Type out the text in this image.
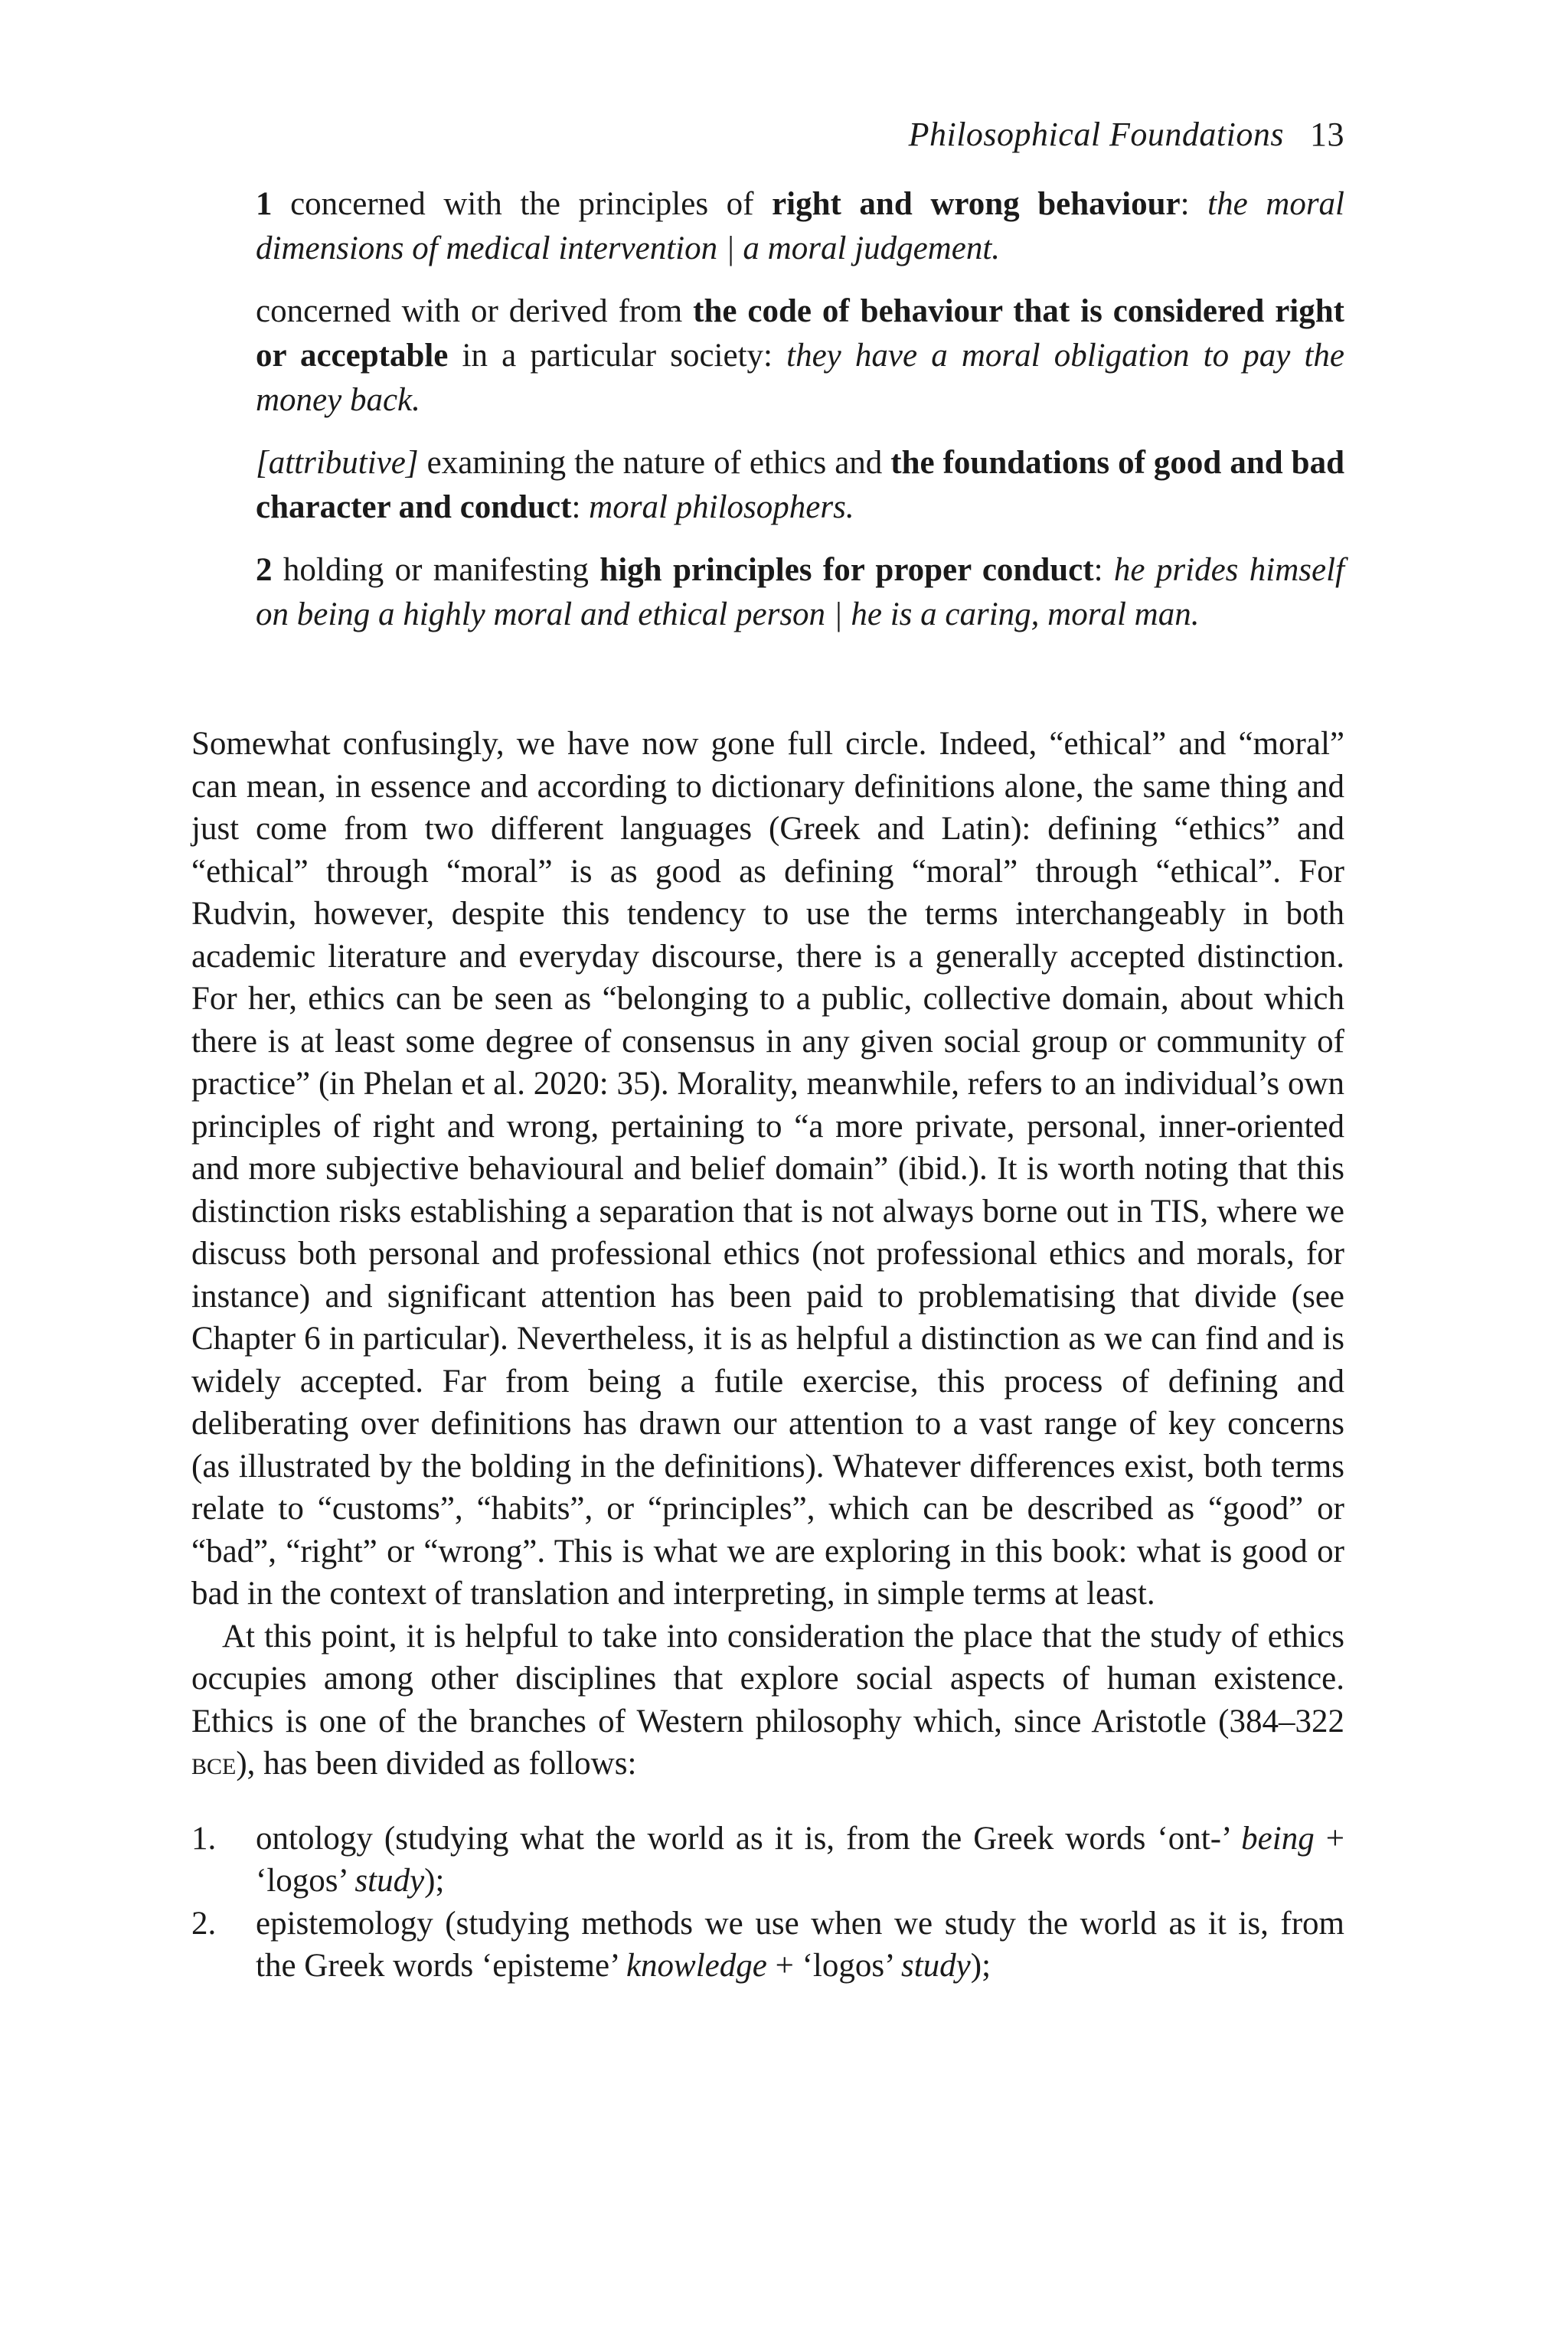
Philosophical Foundations 13

1 concerned with the principles of right and wrong behaviour: the moral dimensions of medical intervention | a moral judgement.

concerned with or derived from the code of behaviour that is considered right or acceptable in a particular society: they have a moral obligation to pay the money back.

[attributive] examining the nature of ethics and the foundations of good and bad character and conduct: moral philosophers.

2 holding or manifesting high principles for proper conduct: he prides himself on being a highly moral and ethical person | he is a caring, moral man.

Somewhat confusingly, we have now gone full circle. Indeed, “ethical” and “moral” can mean, in essence and according to dictionary definitions alone, the same thing and just come from two different languages (Greek and Latin): defining “ethics” and “ethical” through “moral” is as good as defining “moral” through “ethical”. For Rudvin, however, despite this tendency to use the terms interchangeably in both academic literature and everyday discourse, there is a generally accepted distinction. For her, ethics can be seen as “belonging to a public, collective domain, about which there is at least some degree of consensus in any given social group or community of practice” (in Phelan et al. 2020: 35). Morality, meanwhile, refers to an individual’s own principles of right and wrong, pertaining to “a more private, personal, inner-oriented and more subjective behavioural and belief domain” (ibid.). It is worth noting that this distinction risks establishing a separation that is not always borne out in TIS, where we discuss both personal and professional ethics (not professional ethics and morals, for instance) and significant attention has been paid to problematising that divide (see Chapter 6 in particular). Nevertheless, it is as helpful a distinction as we can find and is widely accepted. Far from being a futile exercise, this process of defining and deliberating over definitions has drawn our attention to a vast range of key concerns (as illustrated by the bolding in the definitions). Whatever differences exist, both terms relate to “customs”, “habits”, or “principles”, which can be described as “good” or “bad”, “right” or “wrong”. This is what we are exploring in this book: what is good or bad in the context of translation and interpreting, in simple terms at least.

At this point, it is helpful to take into consideration the place that the study of ethics occupies among other disciplines that explore social aspects of human existence. Ethics is one of the branches of Western philosophy which, since Aristotle (384–322 bce), has been divided as follows:

1. ontology (studying what the world as it is, from the Greek words ‘ont-’ being + ‘logos’ study);
2. epistemology (studying methods we use when we study the world as it is, from the Greek words ‘episteme’ knowledge + ‘logos’ study);
